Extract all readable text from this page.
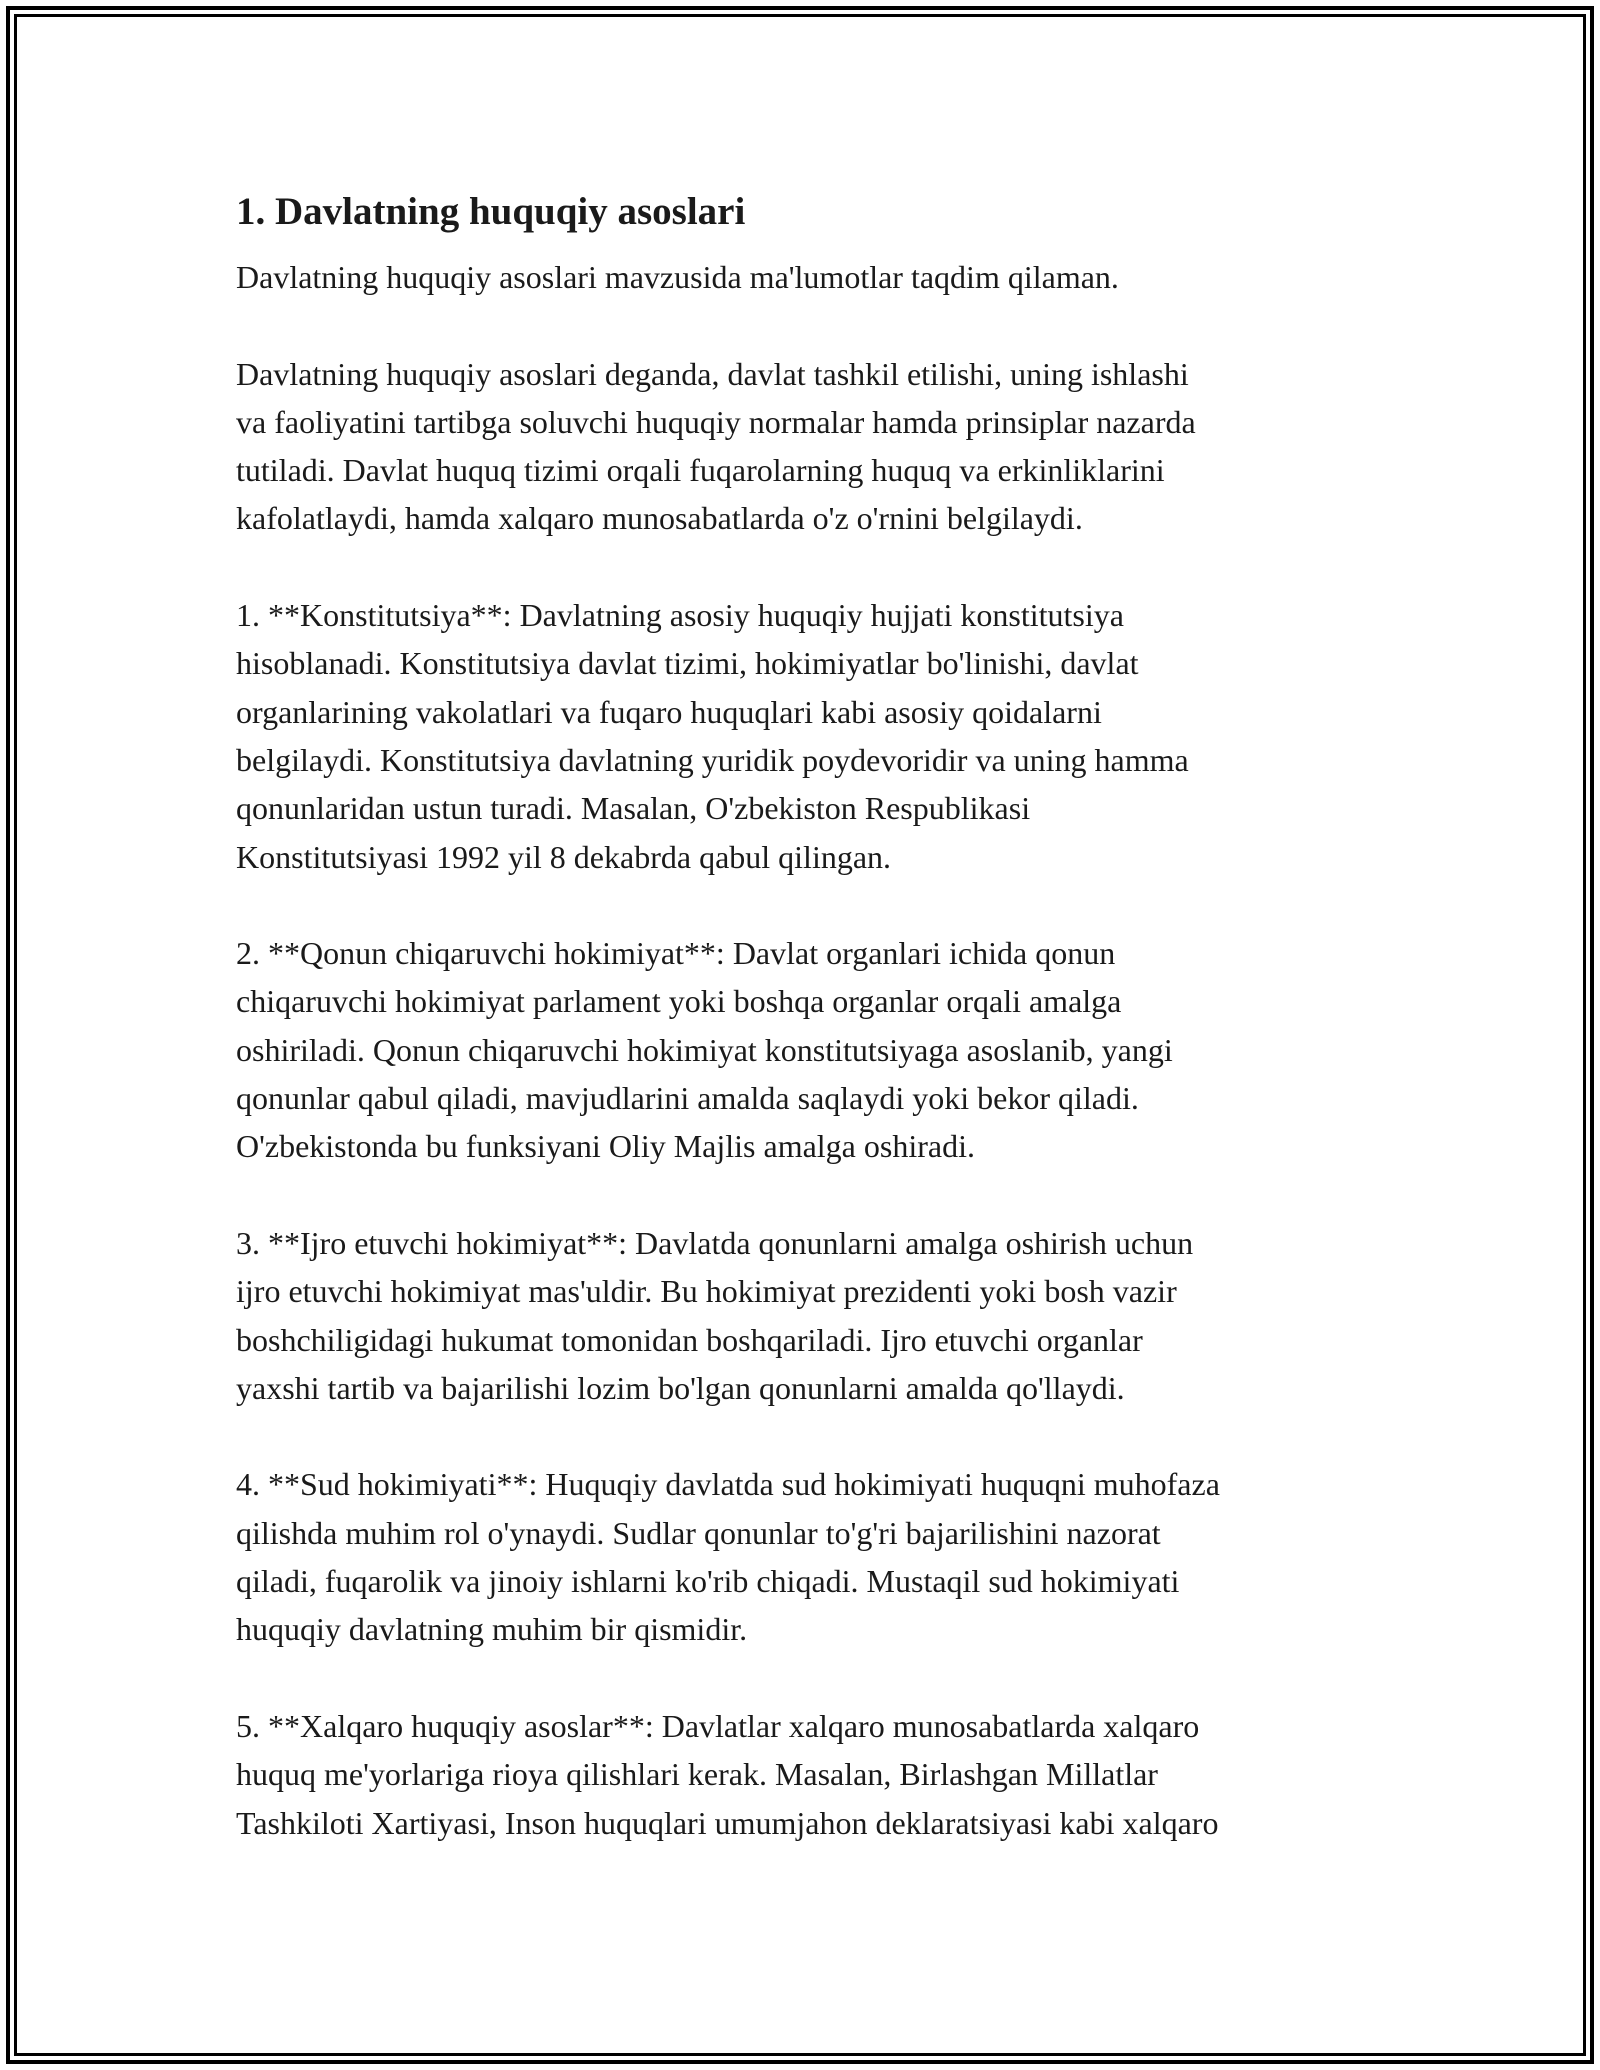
1. Davlatning huquqiy asoslari

Davlatning huquqiy asoslari mavzusida ma'lumotlar taqdim qilaman.

Davlatning huquqiy asoslari deganda, davlat tashkil etilishi, uning ishlashi
va faoliyatini tartibga soluvchi huquqiy normalar hamda prinsiplar nazarda
tutiladi. Davlat huquq tizimi orqali fuqarolarning huquq va erkinliklarini
kafolatlaydi, hamda xalqaro munosabatlarda o'z o'rnini belgilaydi.

1. **Konstitutsiya**: Davlatning asosiy huquqiy hujjati konstitutsiya
hisoblanadi. Konstitutsiya davlat tizimi, hokimiyatlar bo'linishi, davlat
organlarining vakolatlari va fuqaro huquqlari kabi asosiy qoidalarni
belgilaydi. Konstitutsiya davlatning yuridik poydevoridir va uning hamma
qonunlaridan ustun turadi. Masalan, O'zbekiston Respublikasi
Konstitutsiyasi 1992 yil 8 dekabrda qabul qilingan.

2. **Qonun chiqaruvchi hokimiyat**: Davlat organlari ichida qonun
chiqaruvchi hokimiyat parlament yoki boshqa organlar orqali amalga
oshiriladi. Qonun chiqaruvchi hokimiyat konstitutsiyaga asoslanib, yangi
qonunlar qabul qiladi, mavjudlarini amalda saqlaydi yoki bekor qiladi.
O'zbekistonda bu funksiyani Oliy Majlis amalga oshiradi.

3. **Ijro etuvchi hokimiyat**: Davlatda qonunlarni amalga oshirish uchun
ijro etuvchi hokimiyat mas'uldir. Bu hokimiyat prezidenti yoki bosh vazir
boshchiligidagi hukumat tomonidan boshqariladi. Ijro etuvchi organlar
yaxshi tartib va bajarilishi lozim bo'lgan qonunlarni amalda qo'llaydi.

4. **Sud hokimiyati**: Huquqiy davlatda sud hokimiyati huquqni muhofaza
qilishda muhim rol o'ynaydi. Sudlar qonunlar to'g'ri bajarilishini nazorat
qiladi, fuqarolik va jinoiy ishlarni ko'rib chiqadi. Mustaqil sud hokimiyati
huquqiy davlatning muhim bir qismidir.

5. **Xalqaro huquqiy asoslar**: Davlatlar xalqaro munosabatlarda xalqaro
huquq me'yorlariga rioya qilishlari kerak. Masalan, Birlashgan Millatlar
Tashkiloti Xartiyasi, Inson huquqlari umumjahon deklaratsiyasi kabi xalqaro
